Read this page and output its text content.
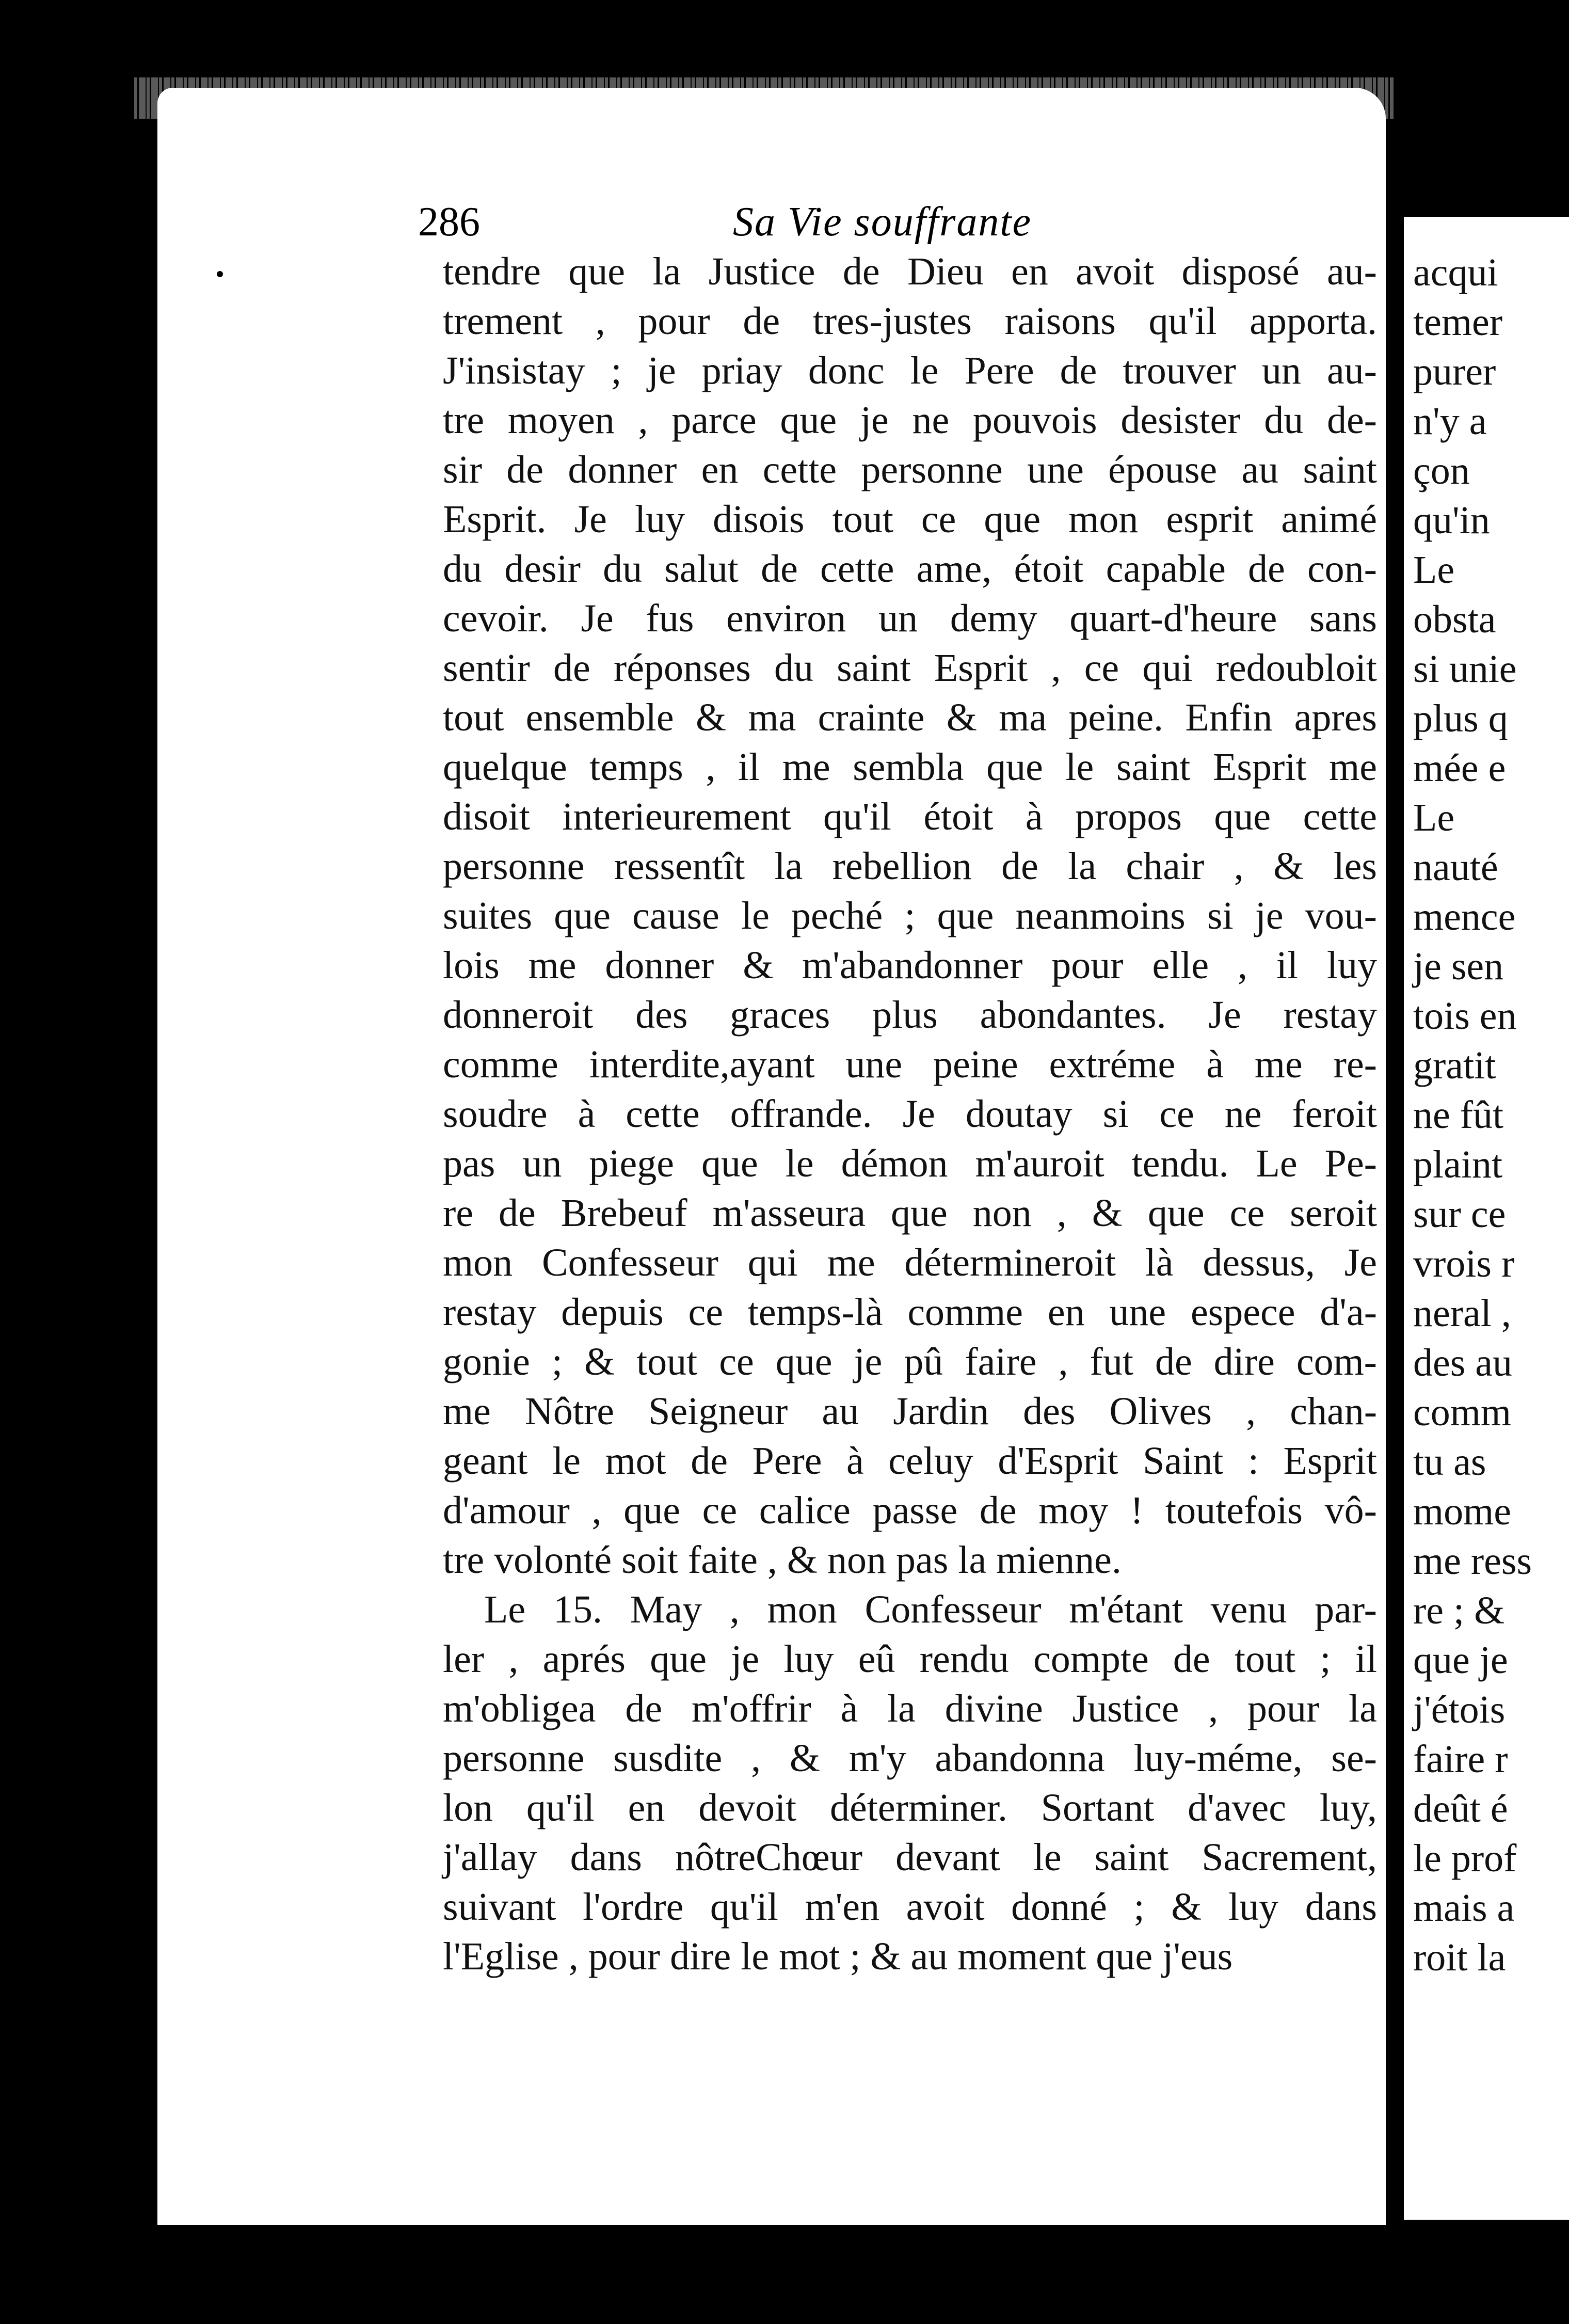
286	Sa Vie souffrante
tendre que la Justice de Dieu en avoit disposé au-
trement , pour de tres-justes raisons qu'il apporta.
J'insistay ; je priay donc le Pere de trouver un au-
tre moyen , parce que je ne pouvois desister du de-
sir de donner en cette personne une épouse au saint
Esprit. Je luy disois tout ce que mon esprit animé
du desir du salut de cette ame, étoit capable de con-
cevoir. Je fus environ un demy quart-d'heure sans
sentir de réponses du saint Esprit , ce qui redoubloit
tout ensemble & ma crainte & ma peine. Enfin apres
quelque temps , il me sembla que le saint Esprit me
disoit interieurement qu'il étoit à propos que cette
personne ressentît la rebellion de la chair , & les
suites que cause le peché ; que neanmoins si je vou-
lois me donner & m'abandonner pour elle , il luy
donneroit des graces plus abondantes. Je restay
comme interdite,ayant une peine extréme à me re-
soudre à cette offrande. Je doutay si ce ne feroit
pas un piege que le démon m'auroit tendu. Le Pe-
re de Brebeuf m'asseura que non , & que ce seroit
mon Confesseur qui me détermineroit là dessus, Je
restay depuis ce temps-là comme en une espece d'a-
gonie ; & tout ce que je pû faire , fut de dire com-
me Nôtre Seigneur au Jardin des Olives , chan-
geant le mot de Pere à celuy d'Esprit Saint : Esprit
d'amour , que ce calice passe de moy ! toutefois vô-
tre volonté soit faite , & non pas la mienne.
Le 15. May , mon Confesseur m'étant venu par-
ler , aprés que je luy eû rendu compte de tout ; il
m'obligea de m'offrir à la divine Justice , pour la
personne susdite , & m'y abandonna luy-méme, se-
lon qu'il en devoit déterminer. Sortant d'avec luy,
j'allay dans nôtreChœur devant le saint Sacrement,
suivant l'ordre qu'il m'en avoit donné ; & luy dans
l'Eglise , pour dire le mot ; & au moment que j'eus
acqui
temer
purer
n'y a
çon
qu'in
Le
obsta
si unie
plus q
mée e
Le
nauté
mence
je sen
tois en
gratit
ne fût
plaint
sur ce
vrois r
neral ,
des au
comm
tu as
mome
me ress
re ; &
que je
j'étois
faire r
deût é
le prof
mais a
roit la
